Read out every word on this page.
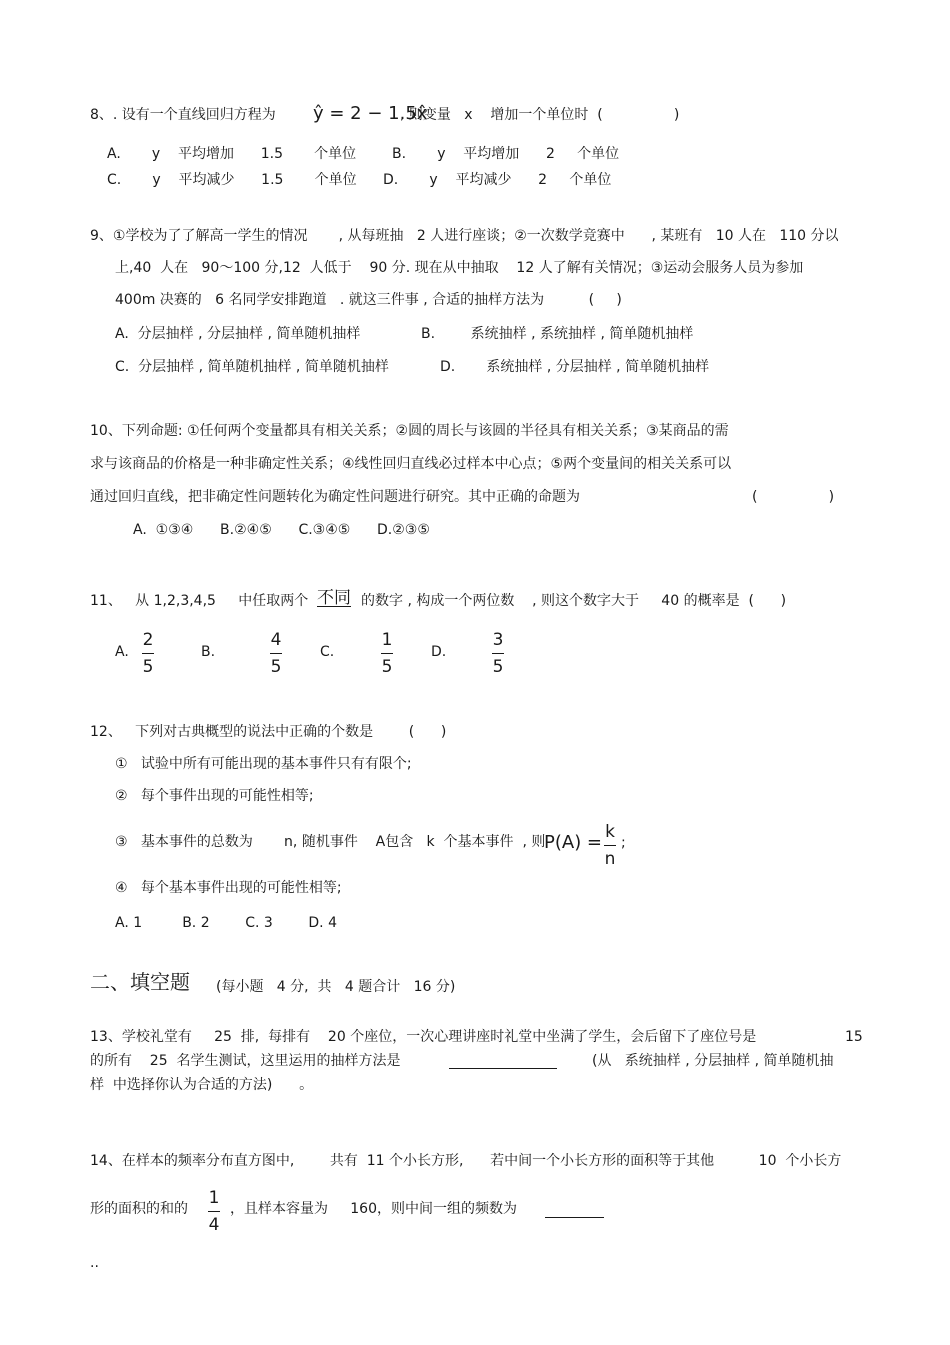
8、. 设有一个直线回归方程为 ŷ = 2 − 1.5x̂
, 则变量   x    增加一个单位时  (                )
A.       y    平均增加      1.5       个单位	B.       y    平均增加      2     个单位
C.       y    平均减少      1.5       个单位 D.       y    平均减少      2     个单位
9、①学校为了了解高一学生的情况       , 从每班抽   2 人进行座谈；②一次数学竞赛中      , 某班有   10 人在   110 分以
上,40  人在   90～100 分,12  人低于    90 分. 现在从中抽取    12 人了解有关情况；③运动会服务人员为参加
400m 决赛的   6 名同学安排跑道   . 就这三件事 , 合适的抽样方法为          (     )
A.  分层抽样 , 分层抽样 , 简单随机抽样	B.        系统抽样 , 系统抽样 , 简单随机抽样
C.  分层抽样 , 简单随机抽样 , 简单随机抽样	D.       系统抽样 , 分层抽样 , 简单随机抽样
10、下列命题: ①任何两个变量都具有相关关系；②圆的周长与该圆的半径具有相关关系；③某商品的需
求与该商品的价格是一种非确定性关系；④线性回归直线必过样本中心点；⑤两个变量间的相关关系可以
通过回归直线，把非确定性问题转化为确定性问题进行研究。其中正确的命题为	(                )
A.  ①③④      B.②④⑤      C.③④⑤      D.②③⑤
11、   从 1,2,3,4,5     中任取两个 不同 的数字 , 构成一个两位数    , 则这个数字大于     40 的概率是  (      )
A.
2
5
B.
4
5
C.
1
5
D.
3
5
12、   下列对古典概型的说法中正确的个数是        (      )
①   试验中所有可能出现的基本事件只有有限个;
②   每个事件出现的可能性相等;
③   基本事件的总数为       n, 随机事件    A包含   k  个基本事件  , 则
P(A) = k
n
;
④   每个基本事件出现的可能性相等;
A. 1         B. 2        C. 3        D. 4
二、填空题 (每小题   4 分,  共   4 题合计   16 分)
13、学校礼堂有     25  排,  每排有    20 个座位，一次心理讲座时礼堂中坐满了学生，会后留下了座位号是	15
的所有    25  名学生测试，这里运用的抽样方法是	(从   系统抽样 , 分层抽样 , 简单随机抽
样  中选择你认为合适的方法)      。
14、在样本的频率分布直方图中,        共有  11 个小长方形,      若中间一个小长方形的面积等于其他          10  个小长方
形的面积的和的
1
4
，且样本容量为     160，则中间一组的频数为
..
